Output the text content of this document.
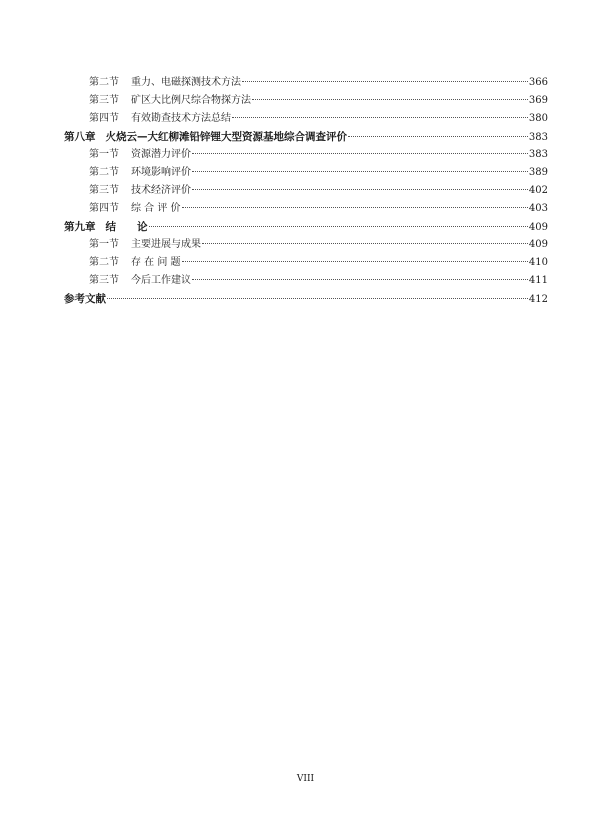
第二节	重力、电磁探测技术方法	366
第三节	矿区大比例尺综合物探方法	369
第四节	有效勘查技术方法总结	380
第八章 火烧云—大红柳滩铅锌锂大型资源基地综合调查评价	383
第一节	资源潜力评价	383
第二节	环境影响评价	389
第三节	技术经济评价	402
第四节	综 合 评 价	403
第九章 结　　论	409
第一节	主要进展与成果	409
第二节	存 在 问 题	410
第三节	今后工作建议	411
参考文献	412
VIII
